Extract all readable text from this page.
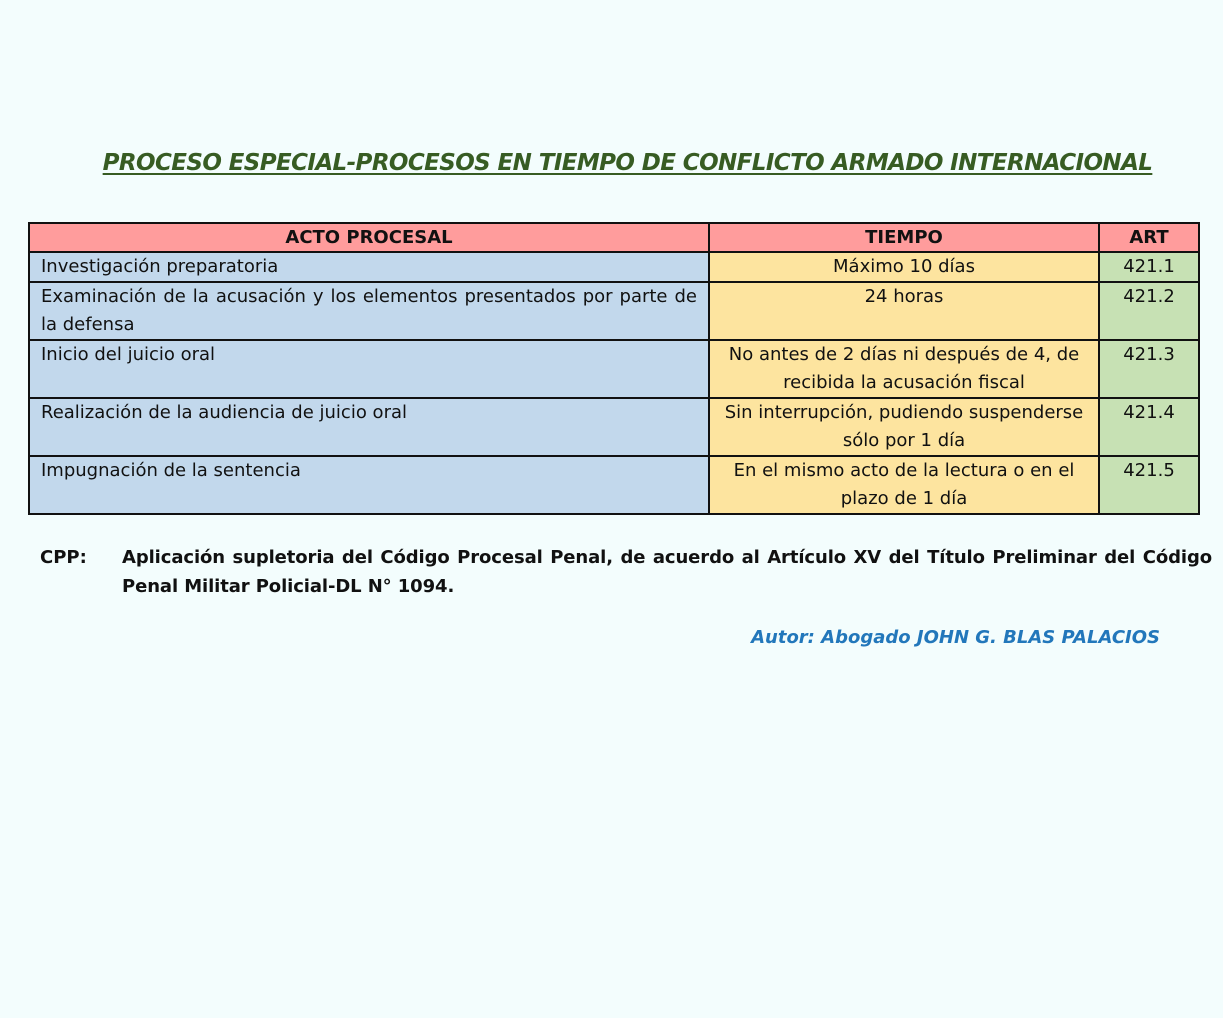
PROCESO ESPECIAL-PROCESOS EN TIEMPO DE CONFLICTO ARMADO INTERNACIONAL
ACTO PROCESAL	TIEMPO	ART
Investigación preparatoria	Máximo 10 días	421.1
Examinación de la acusación y los elementos presentados por parte de la defensa	24 horas	421.2
Inicio del juicio oral	No antes de 2 días ni después de 4, de recibida la acusación fiscal	421.3
Realización de la audiencia de juicio oral	Sin interrupción, pudiendo suspenderse sólo por 1 día	421.4
Impugnación de la sentencia	En el mismo acto de la lectura o en el plazo de 1 día	421.5
CPP: Aplicación supletoria del Código Procesal Penal, de acuerdo al Artículo XV del Título Preliminar del Código Penal Militar Policial-DL N° 1094.
Autor: Abogado JOHN G. BLAS PALACIOS
